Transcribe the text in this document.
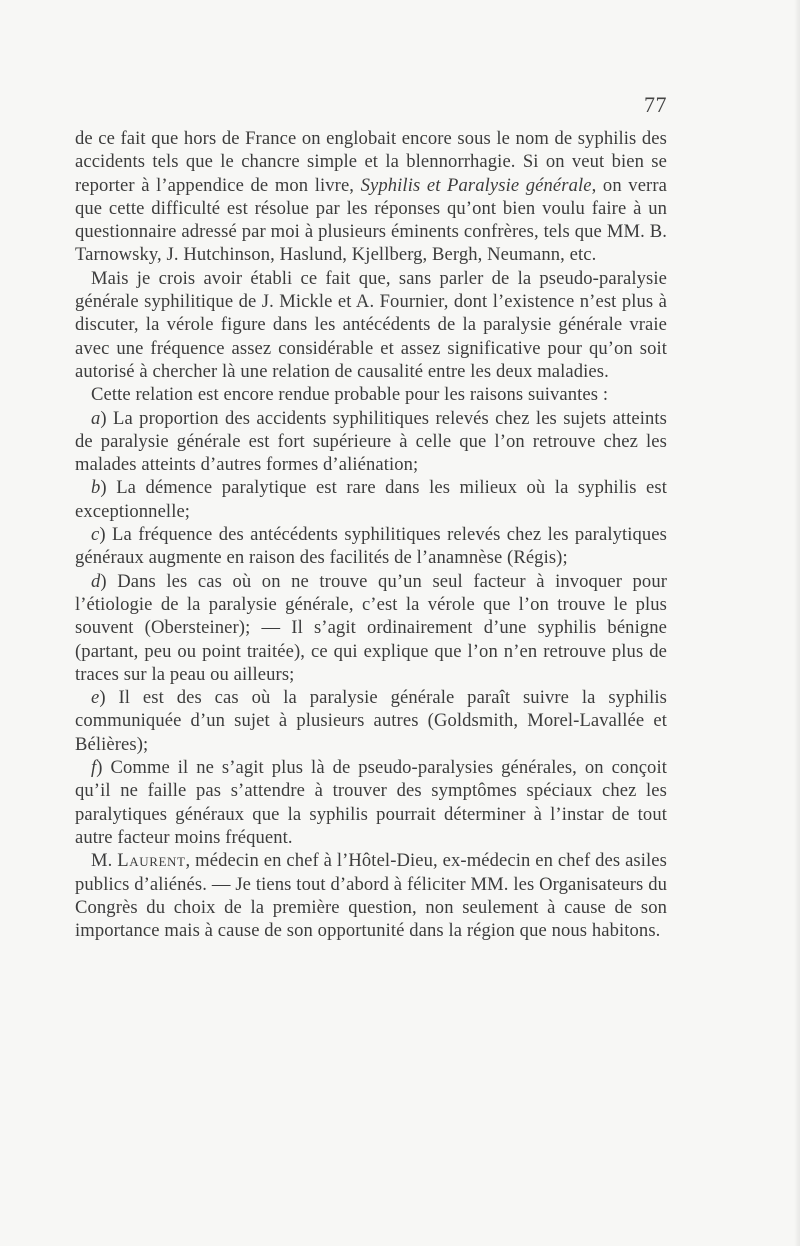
77

de ce fait que hors de France on englobait encore sous le nom de syphilis des accidents tels que le chancre simple et la blennorrhagie. Si on veut bien se reporter à l’appendice de mon livre, Syphilis et Paralysie générale, on verra que cette difficulté est résolue par les réponses qu’ont bien voulu faire à un questionnaire adressé par moi à plusieurs éminents confrères, tels que MM. B. Tarnowsky, J. Hutchinson, Haslund, Kjellberg, Bergh, Neumann, etc.

Mais je crois avoir établi ce fait que, sans parler de la pseudo-paralysie générale syphilitique de J. Mickle et A. Fournier, dont l’existence n’est plus à discuter, la vérole figure dans les antécédents de la paralysie générale vraie avec une fréquence assez considérable et assez significative pour qu’on soit autorisé à chercher là une relation de causalité entre les deux maladies.

Cette relation est encore rendue probable pour les raisons suivantes :

a) La proportion des accidents syphilitiques relevés chez les sujets atteints de paralysie générale est fort supérieure à celle que l’on retrouve chez les malades atteints d’autres formes d’aliénation;

b) La démence paralytique est rare dans les milieux où la syphilis est exceptionnelle;

c) La fréquence des antécédents syphilitiques relevés chez les paralytiques généraux augmente en raison des facilités de l’anamnèse (Régis);

d) Dans les cas où on ne trouve qu’un seul facteur à invoquer pour l’étiologie de la paralysie générale, c’est la vérole que l’on trouve le plus souvent (Obersteiner); — Il s’agit ordinairement d’une syphilis bénigne (partant, peu ou point traitée), ce qui explique que l’on n’en retrouve plus de traces sur la peau ou ailleurs;

e) Il est des cas où la paralysie générale paraît suivre la syphilis communiquée d’un sujet à plusieurs autres (Goldsmith, Morel-Lavallée et Bélières);

f) Comme il ne s’agit plus là de pseudo-paralysies générales, on conçoit qu’il ne faille pas s’attendre à trouver des symptômes spéciaux chez les paralytiques généraux que la syphilis pourrait déterminer à l’instar de tout autre facteur moins fréquent.

M. Laurent, médecin en chef à l’Hôtel-Dieu, ex-médecin en chef des asiles publics d’aliénés. — Je tiens tout d’abord à féliciter MM. les Organisateurs du Congrès du choix de la première question, non seulement à cause de son importance mais à cause de son opportunité dans la région que nous habitons.
